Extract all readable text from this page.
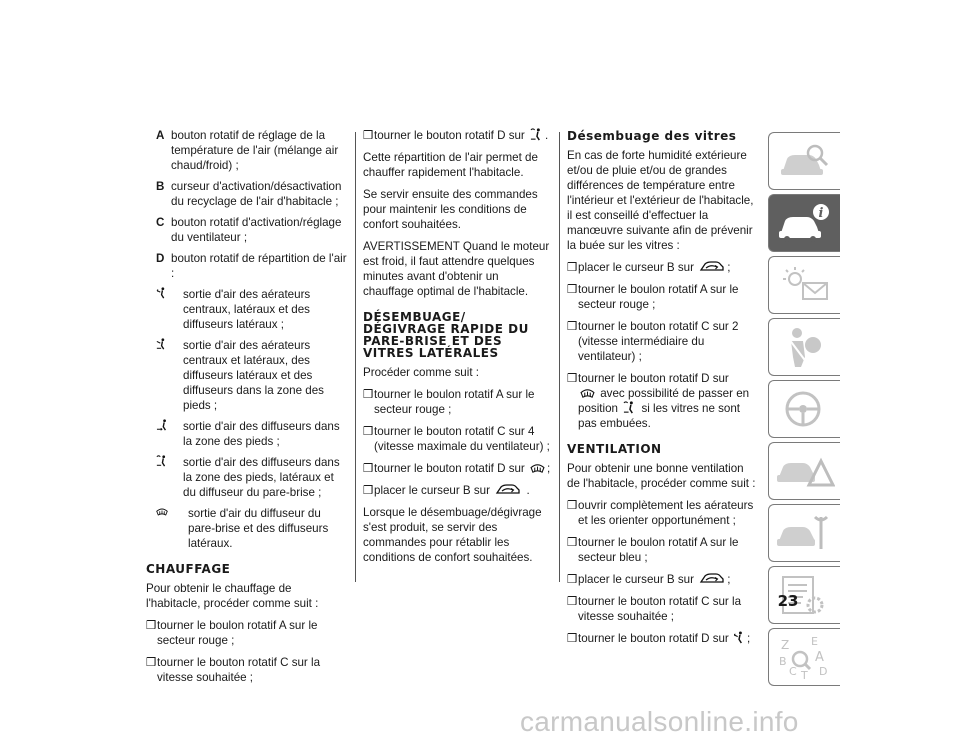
A bouton rotatif de réglage de la température de l'air (mélange air chaud/froid) ;
B curseur d'activation/désactivation du recyclage de l'air d'habitacle ;
C bouton rotatif d'activation/réglage du ventilateur ;
D bouton rotatif de répartition de l'air :
sortie d'air des aérateurs centraux, latéraux et des diffuseurs latéraux ;
sortie d'air des aérateurs centraux et latéraux, des diffuseurs latéraux et des diffuseurs dans la zone des pieds ;
sortie d'air des diffuseurs dans la zone des pieds ;
sortie d'air des diffuseurs dans la zone des pieds, latéraux et du diffuseur du pare-brise ;
sortie d'air du diffuseur du pare-brise et des diffuseurs latéraux.
CHAUFFAGE

Pour obtenir le chauffage de l'habitacle, procéder comme suit :

❒ tourner le boulon rotatif A sur le secteur rouge ;
❒ tourner le bouton rotatif C sur la vitesse souhaitée ;
❒ tourner le bouton rotatif D sur .

Cette répartition de l'air permet de chauffer rapidement l'habitacle.

Se servir ensuite des commandes pour maintenir les conditions de confort souhaitées.

AVERTISSEMENT Quand le moteur est froid, il faut attendre quelques minutes avant d'obtenir un chauffage optimal de l'habitacle.

DÉSEMBUAGE/ DÉGIVRAGE RAPIDE DU PARE-BRISE ET DES VITRES LATÉRALES

Procéder comme suit :

❒ tourner le boulon rotatif A sur le secteur rouge ;
❒ tourner le bouton rotatif C sur 4 (vitesse maximale du ventilateur) ;
❒ tourner le bouton rotatif D sur ;
❒ placer le curseur B sur	.

Lorsque le désembuage/dégivrage s'est produit, se servir des commandes pour rétablir les conditions de confort souhaitées.

Désembuage des vitres

En cas de forte humidité extérieure et/ou de pluie et/ou de grandes différences de température entre l'intérieur et l'extérieur de l'habitacle, il est conseillé d'effectuer la manœuvre suivante afin de prévenir la buée sur les vitres :

❒ placer le curseur B sur	;
❒ tourner le boulon rotatif A sur le secteur rouge ;
❒ tourner le bouton rotatif C sur 2 (vitesse intermédiaire du ventilateur) ;
❒ tourner le bouton rotatif D sur
avec possibilité de passer en position si les vitres ne sont pas embuées.
VENTILATION

Pour obtenir une bonne ventilation de l'habitacle, procéder comme suit :

❒ ouvrir complètement les aérateurs et les orienter opportunément ;
❒ tourner le boulon rotatif A sur le secteur bleu ;
❒ placer le curseur B sur	;
❒ tourner le bouton rotatif C sur la vitesse souhaitée ;
❒ tourner le bouton rotatif D sur ;
i
Z E
B A
C T D
23
carmanualsonline.info
